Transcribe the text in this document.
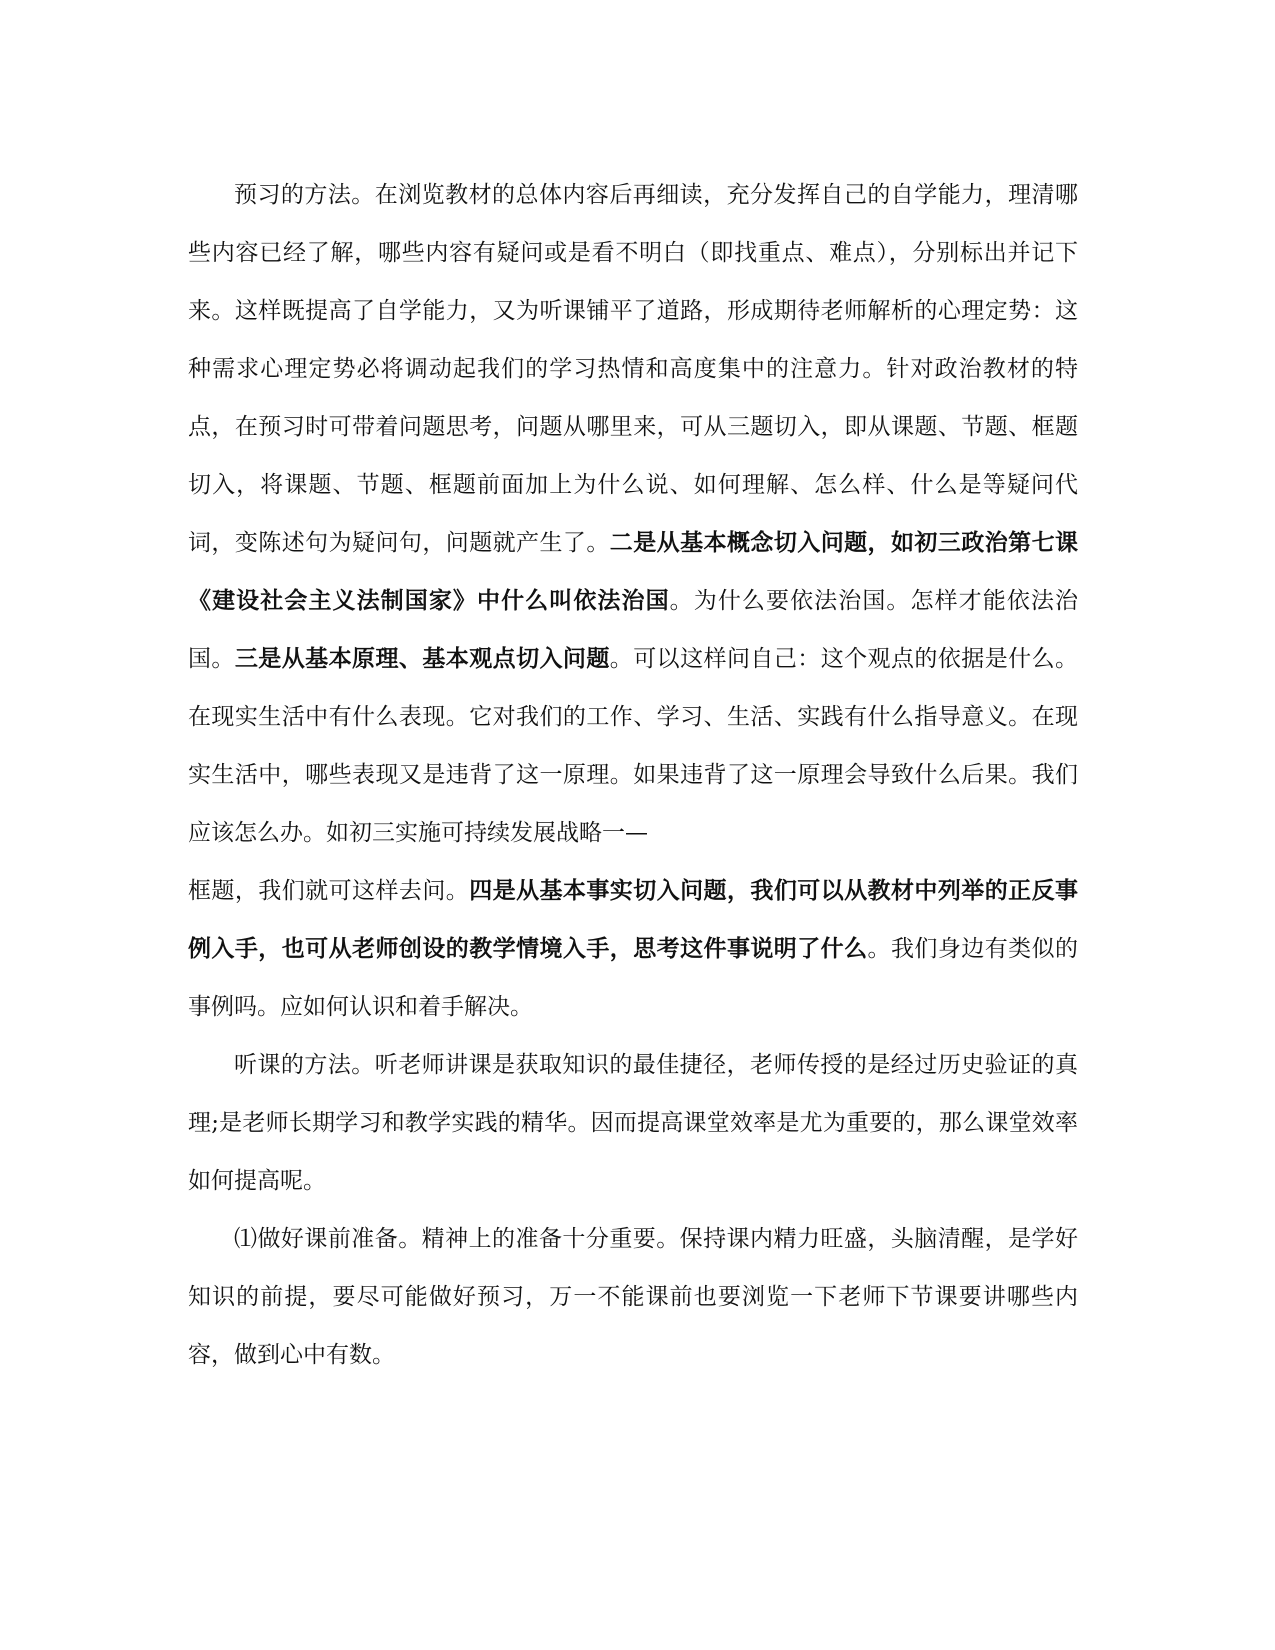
预习的方法。在浏览教材的总体内容后再细读，充分发挥自己的自学能力，理清哪些内容已经了解，哪些内容有疑问或是看不明白（即找重点、难点），分别标出并记下来。这样既提高了自学能力，又为听课铺平了道路，形成期待老师解析的心理定势：这种需求心理定势必将调动起我们的学习热情和高度集中的注意力。针对政治教材的特点，在预习时可带着问题思考，问题从哪里来，可从三题切入，即从课题、节题、框题切入，将课题、节题、框题前面加上为什么说、如何理解、怎么样、什么是等疑问代词，变陈述句为疑问句，问题就产生了。二是从基本概念切入问题，如初三政治第七课《建设社会主义法制国家》中什么叫依法治国。为什么要依法治国。怎样才能依法治国。三是从基本原理、基本观点切入问题。可以这样问自己：这个观点的依据是什么。在现实生活中有什么表现。它对我们的工作、学习、生活、实践有什么指导意义。在现实生活中，哪些表现又是违背了这一原理。如果违背了这一原理会导致什么后果。我们应该怎么办。如初三实施可持续发展战略一—

框题，我们就可这样去问。四是从基本事实切入问题，我们可以从教材中列举的正反事例入手，也可从老师创设的教学情境入手，思考这件事说明了什么。我们身边有类似的事例吗。应如何认识和着手解决。

听课的方法。听老师讲课是获取知识的最佳捷径，老师传授的是经过历史验证的真理;是老师长期学习和教学实践的精华。因而提高课堂效率是尤为重要的，那么课堂效率如何提高呢。

⑴做好课前准备。精神上的准备十分重要。保持课内精力旺盛，头脑清醒，是学好知识的前提，要尽可能做好预习，万一不能课前也要浏览一下老师下节课要讲哪些内容，做到心中有数。
